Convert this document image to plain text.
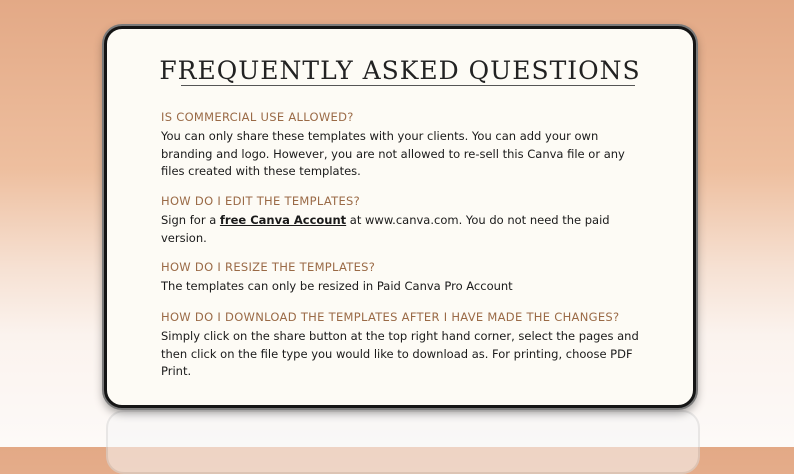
FREQUENTLY ASKED QUESTIONS

IS COMMERCIAL USE ALLOWED?

You can only share these templates with your clients. You can add your own branding and logo. However, you are not allowed to re-sell this Canva file or any files created with these templates.

HOW DO I EDIT THE TEMPLATES?

Sign for a free Canva Account at www.canva.com. You do not need the paid version.

HOW DO I RESIZE THE TEMPLATES?

The templates can only be resized in Paid Canva Pro Account

HOW DO I DOWNLOAD THE TEMPLATES AFTER I HAVE MADE THE CHANGES?

Simply click on the share button at the top right hand corner, select the pages and then click on the file type you would like to download as. For printing, choose PDF Print.
